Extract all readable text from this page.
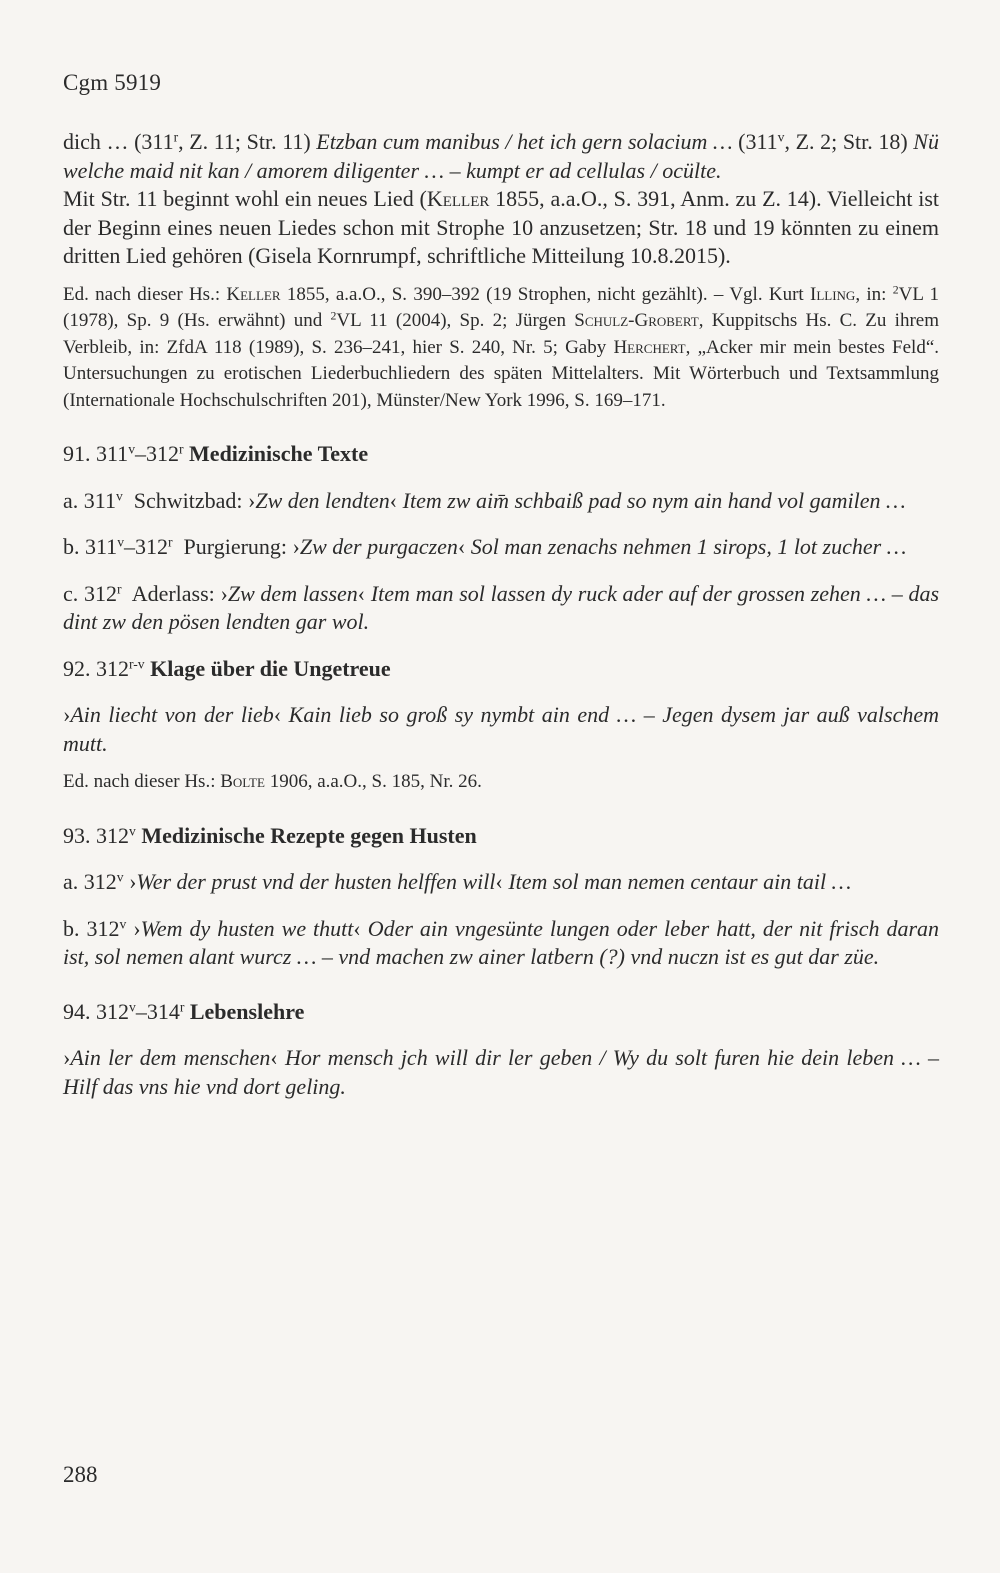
Cgm 5919

dich … (311$^r$, Z. 11; Str. 11) Etzban cum manibus / het ich gern solacium … (311$^v$, Z. 2; Str. 18) Nü welche maid nit kan / amorem diligenter … – kumpt er ad cellulas / ocülte.

Mit Str. 11 beginnt wohl ein neues Lied (Keller 1855, a.a.O., S. 391, Anm. zu Z. 14). Vielleicht ist der Beginn eines neuen Liedes schon mit Strophe 10 anzusetzen; Str. 18 und 19 könnten zu einem dritten Lied gehören (Gisela Kornrumpf, schriftliche Mitteilung 10.8.2015).

Ed. nach dieser Hs.: Keller 1855, a.a.O., S. 390–392 (19 Strophen, nicht gezählt). – Vgl. Kurt Illing, in: $^2$VL 1 (1978), Sp. 9 (Hs. erwähnt) und $^2$VL 11 (2004), Sp. 2; Jürgen Schulz-Grobert, Kuppitschs Hs. C. Zu ihrem Verbleib, in: ZfdA 118 (1989), S. 236–241, hier S. 240, Nr. 5; Gaby Herchert, „Acker mir mein bestes Feld“. Untersuchungen zu erotischen Liederbuchliedern des späten Mittelalters. Mit Wörterbuch und Textsammlung (Internationale Hochschulschriften 201), Münster/New York 1996, S. 169–171.

91. 311$^v$–312$^r$ Medizinische Texte

a. 311$^v$  Schwitzbad: ›Zw den lendten‹ Item zw aim̄ schbaiß pad so nym ain hand vol gamilen …

b. 311$^v$–312$^r$  Purgierung: ›Zw der purgaczen‹ Sol man zenachs nehmen 1 sirops, 1 lot zucher …

c. 312$^r$  Aderlass: ›Zw dem lassen‹ Item man sol lassen dy ruck ader auf der grossen zehen … – das dint zw den pösen lendten gar wol.

92. 312$^{r-v}$ Klage über die Ungetreue

›Ain liecht von der lieb‹ Kain lieb so groß sy nymbt ain end … – Jegen dysem jar auß valschem mutt.

Ed. nach dieser Hs.: Bolte 1906, a.a.O., S. 185, Nr. 26.

93. 312$^v$ Medizinische Rezepte gegen Husten

a. 312$^v$ ›Wer der prust vnd der husten helffen will‹ Item sol man nemen centaur ain tail …

b. 312$^v$ ›Wem dy husten we thutt‹ Oder ain vngesünte lungen oder leber hatt, der nit frisch daran ist, sol nemen alant wurcz … – vnd machen zw ainer latbern (?) vnd nuczn ist es gut dar züe.

94. 312$^v$–314$^r$ Lebenslehre

›Ain ler dem menschen‹ Hor mensch jch will dir ler geben / Wy du solt furen hie dein leben … – Hilf das vns hie vnd dort geling.

288
